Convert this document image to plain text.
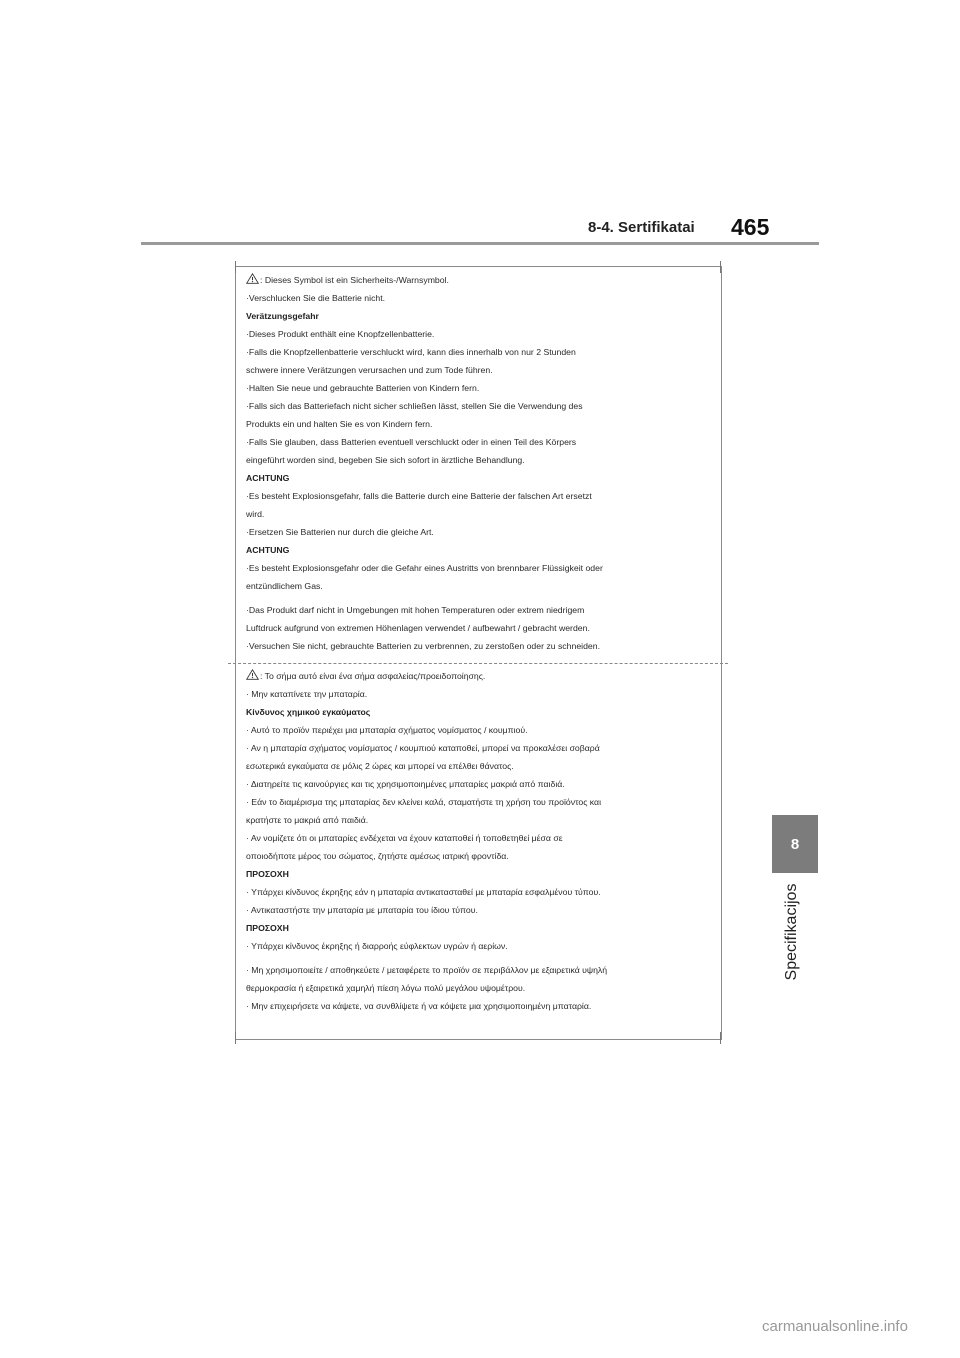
8-4. Sertifikatai 465
8
Specifikacijos

: Dieses Symbol ist ein Sicherheits-/Warnsymbol.

·Verschlucken Sie die Batterie nicht.

Verätzungsgefahr

·Dieses Produkt enthält eine Knopfzellenbatterie.

·Falls die Knopfzellenbatterie verschluckt wird, kann dies innerhalb von nur 2 Stunden

schwere innere Verätzungen verursachen und zum Tode führen.

·Halten Sie neue und gebrauchte Batterien von Kindern fern.

·Falls sich das Batteriefach nicht sicher schließen lässt, stellen Sie die Verwendung des

Produkts ein und halten Sie es von Kindern fern.

·Falls Sie glauben, dass Batterien eventuell verschluckt oder in einen Teil des Körpers

eingeführt worden sind, begeben Sie sich sofort in ärztliche Behandlung.

ACHTUNG

·Es besteht Explosionsgefahr, falls die Batterie durch eine Batterie der falschen Art ersetzt

wird.

·Ersetzen Sie Batterien nur durch die gleiche Art.

ACHTUNG

·Es besteht Explosionsgefahr oder die Gefahr eines Austritts von brennbarer Flüssigkeit oder

entzündlichem Gas.

·Das Produkt darf nicht in Umgebungen mit hohen Temperaturen oder extrem niedrigem

Luftdruck aufgrund von extremen Höhenlagen verwendet / aufbewahrt / gebracht werden.

·Versuchen Sie nicht, gebrauchte Batterien zu verbrennen, zu zerstoßen oder zu schneiden.

: Το σήμα αυτό είναι ένα σήμα ασφαλείας/προειδοποίησης.

· Μην καταπίνετε την μπαταρία.

Κίνδυνος χημικού εγκαύματος

· Αυτό το προϊόν περιέχει μια μπαταρία σχήματος νομίσματος / κουμπιού.

· Αν η μπαταρία σχήματος νομίσματος / κουμπιού καταποθεί, μπορεί να προκαλέσει σοβαρά

εσωτερικά εγκαύματα σε μόλις 2 ώρες και μπορεί να επέλθει θάνατος.

· Διατηρείτε τις καινούργιες και τις χρησιμοποιημένες μπαταρίες μακριά από παιδιά.

· Εάν το διαμέρισμα της μπαταρίας δεν κλείνει καλά, σταματήστε τη χρήση του προϊόντος και

κρατήστε το μακριά από παιδιά.

· Αν νομίζετε ότι οι μπαταρίες ενδέχεται να έχουν καταποθεί ή τοποθετηθεί μέσα σε

οποιοδήποτε μέρος του σώματος, ζητήστε αμέσως ιατρική φροντίδα.

ΠΡΟΣΟΧΗ

· Υπάρχει κίνδυνος έκρηξης εάν η μπαταρία αντικατασταθεί με μπαταρία εσφαλμένου τύπου.

· Αντικαταστήστε την μπαταρία με μπαταρία του ίδιου τύπου.

ΠΡΟΣΟΧΗ

· Υπάρχει κίνδυνος έκρηξης ή διαρροής εύφλεκτων υγρών ή αερίων.

· Μη χρησιμοποιείτε / αποθηκεύετε / μεταφέρετε το προϊόν σε περιβάλλον με εξαιρετικά υψηλή

θερμοκρασία ή εξαιρετικά χαμηλή πίεση λόγω πολύ μεγάλου υψομέτρου.

· Μην επιχειρήσετε να κάψετε, να συνθλίψετε ή να κόψετε μια χρησιμοποιημένη μπαταρία.

carmanualsonline.info
